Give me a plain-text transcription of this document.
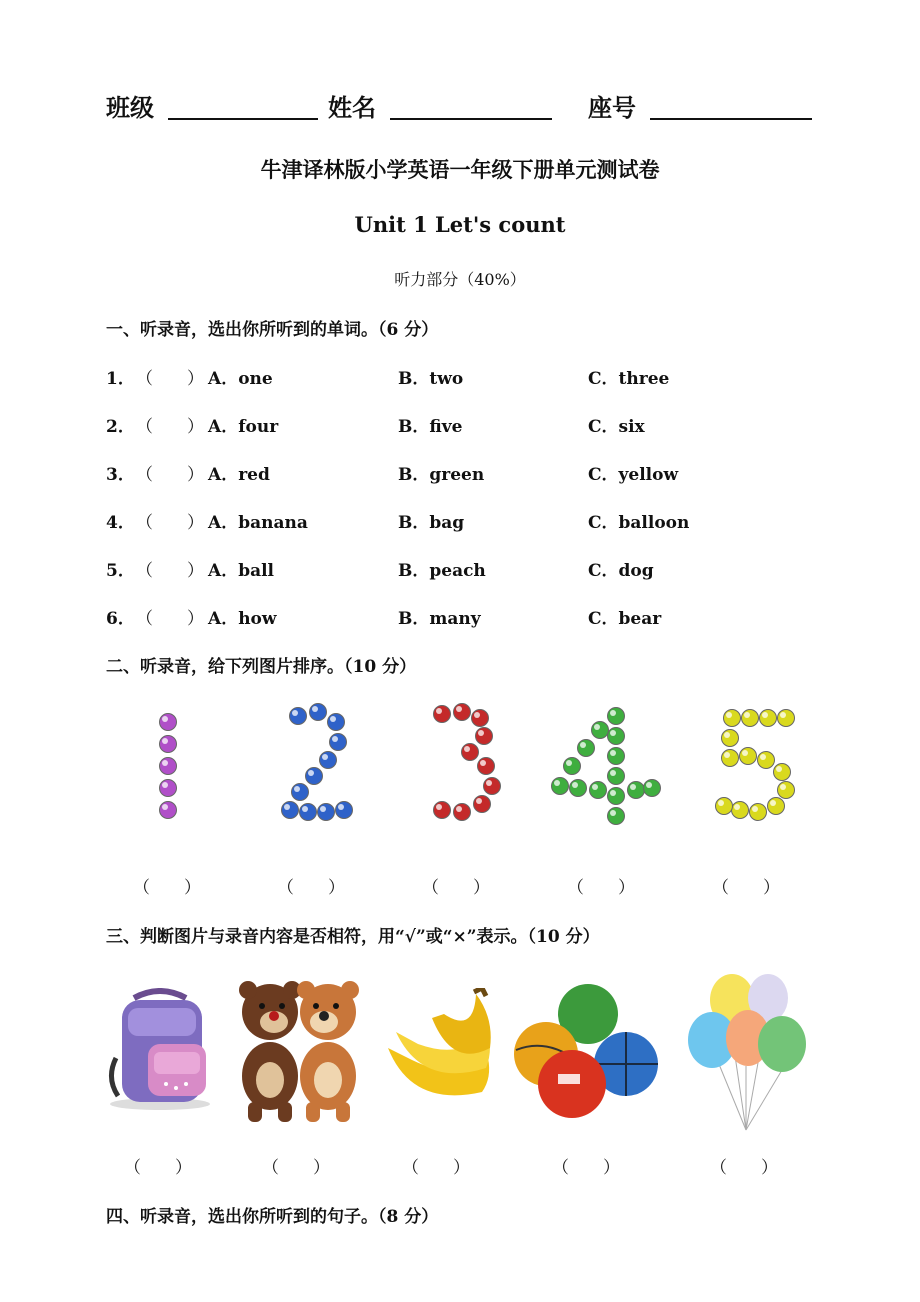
班级	姓名	座号
牛津译林版小学英语一年级下册单元测试卷
Unit 1 Let's count
听力部分（40%）
一、听录音，选出你所听到的单词。（6 分）
1． （　　） A．one	B．two	C．three
2． （　　） A．four	B．five	C．six
3． （　　） A．red	B．green	C．yellow
4． （　　） A．banana	B．bag	C．balloon
5． （　　） A．ball	B．peach	C．dog
6． （　　） A．how	B．many	C．bear
二、听录音，给下列图片排序。（10 分）
（　　）	（　　）	（　　）	（　　）	（　　）
三、判断图片与录音内容是否相符，用“√”或“×”表示。（10 分）
（　　）	（　　）	（　　）	（　　）	（　　）
四、听录音，选出你所听到的句子。（8 分）
